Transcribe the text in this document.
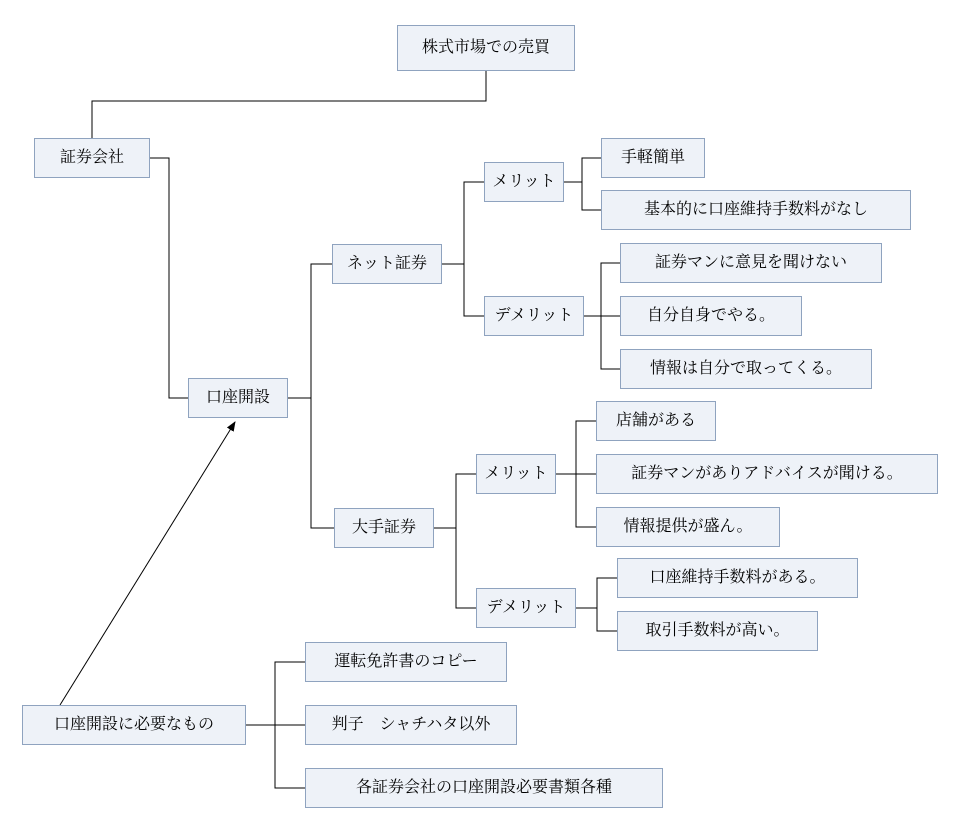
株式市場での売買
証券会社
口座開設
ネット証券
大手証券
メリット
デメリット
メリット
デメリット
手軽簡単
基本的に口座維持手数料がなし
証券マンに意見を聞けない
自分自身でやる。
情報は自分で取ってくる。
店舗がある
証券マンがありアドバイスが聞ける。
情報提供が盛ん。
口座維持手数料がある。
取引手数料が高い。
口座開設に必要なもの
運転免許書のコピー
判子　シャチハタ以外
各証券会社の口座開設必要書類各種
